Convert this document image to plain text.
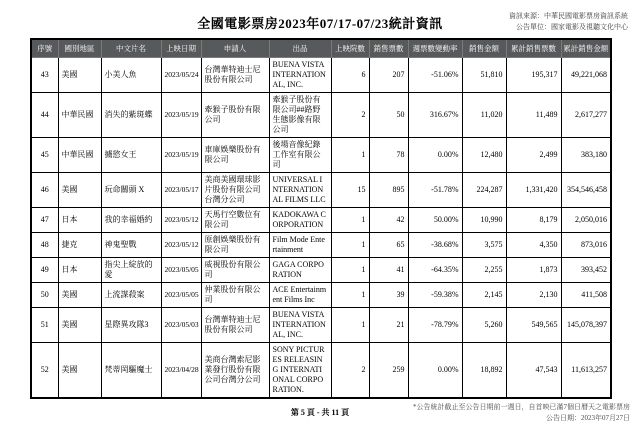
全國電影票房2023年07/17-07/23統計資訊	資訊來源：中華民國電影票房資訊系統
公告單位：國家電影及視聽文化中心
序號	國別地區	中文片名	上映日期	申請人	出品	上映院數	銷售票數	週票數變動率	銷售金額	累計銷售票數	累計銷售金額
43	美國	小美人魚	2023/05/24	台灣華特迪士尼股份有限公司	BUENA VISTA INTERNATIONAL, INC.	6	207	-51.06%	51,810	195,317	49,221,068
44	中華民國	消失的紫斑蝶	2023/05/19	牽猴子股份有限公司	牽猴子股份有限公司##路野生態影像有限公司	2	50	316.67%	11,020	11,489	2,617,277
45	中華民國	擄慾女王	2023/05/19	車庫娛樂股份有限公司	後場音像紀錄工作室有限公司	1	78	0.00%	12,480	2,499	383,180
46	美國	玩命關頭 X	2023/05/17	美商美國環球影片股份有限公司台灣分公司	UNIVERSAL INTERNATIONAL FILMS LLC	15	895	-51.78%	224,287	1,331,420	354,546,458
47	日本	我的幸福婚約	2023/05/12	天馬行空數位有限公司	KADOKAWA CORPORATION	1	42	50.00%	10,990	8,179	2,050,016
48	捷克	神鬼聖戰	2023/05/12	原創娛樂股份有限公司	Film Mode Entertainment	1	65	-38.68%	3,575	4,350	873,016
49	日本	指尖上綻放的愛	2023/05/05	威視股份有限公司	GAGA CORPORATION	1	41	-64.35%	2,255	1,873	393,452
50	美國	上流謀殺案	2023/05/05	仲業股份有限公司	ACE Entertainment Films Inc	1	39	-59.38%	2,145	2,130	411,508
51	美國	星際異攻隊3	2023/05/03	台灣華特迪士尼股份有限公司	BUENA VISTA INTERNATIONAL, INC.	1	21	-78.79%	5,260	549,565	145,078,397
52	美國	梵蒂岡驅魔士	2023/04/28	美商台灣索尼影業發行股份有限公司台灣分公司	SONY PICTURES RELEASING INTERNATIONAL CORPORATION.	2	259	0.00%	18,892	47,543	11,613,257
第 5 頁 - 共 11 頁
*公告統計截止至公告日期前一週日，自首映已滿7個日曆天之電影票房
公告日期：2023年07月27日
